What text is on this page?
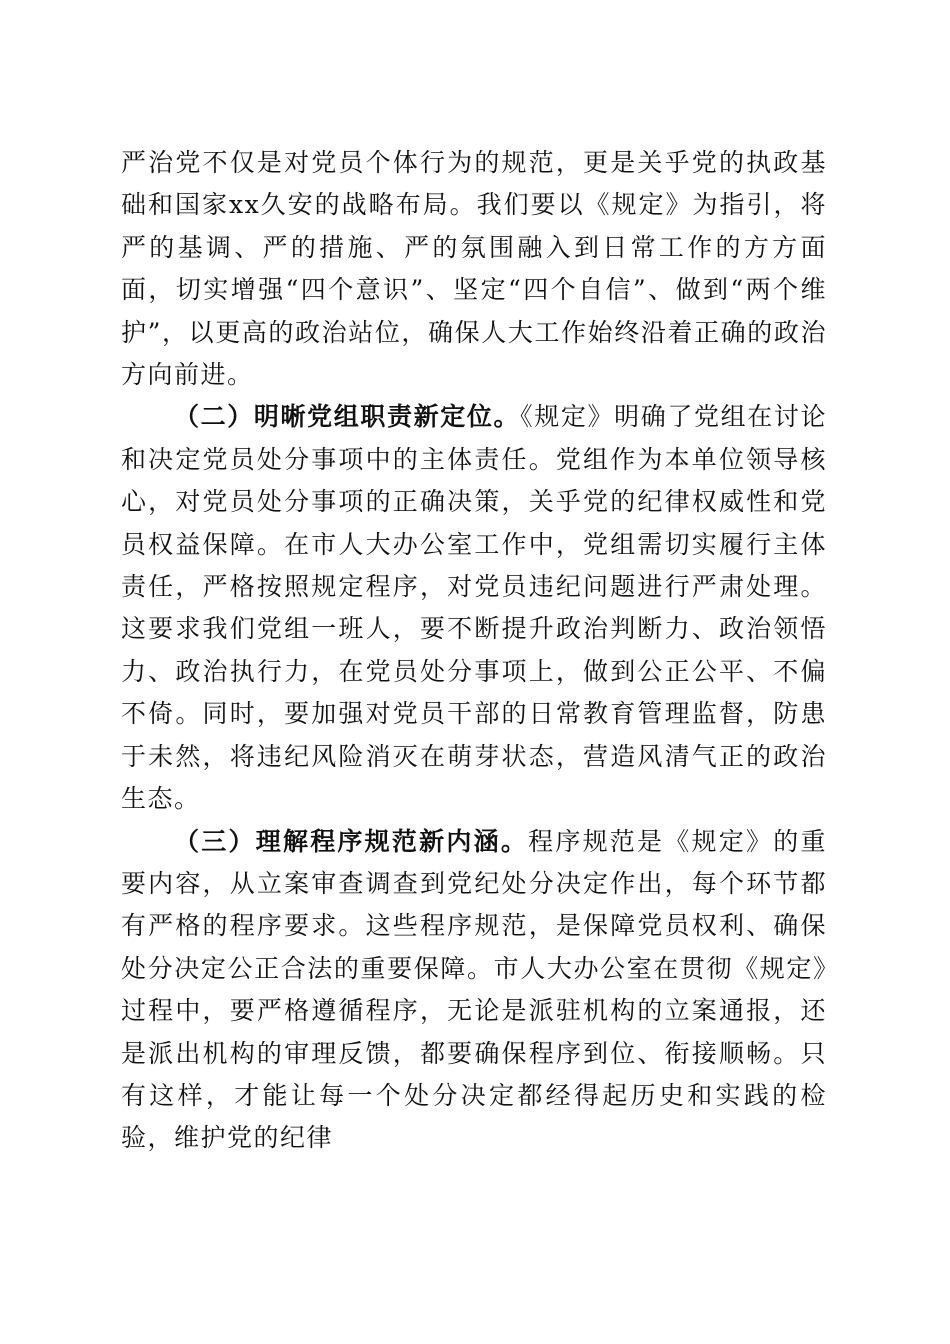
严治党不仅是对党员个体行为的规范，更是关乎党的执政基础和国家xx久安的战略布局。我们要以《规定》为指引，将严的基调、严的措施、严的氛围融入到日常工作的方方面面，切实增强“四个意识”、坚定“四个自信”、做到“两个维护”，以更高的政治站位，确保人大工作始终沿着正确的政治方向前进。

（二）明晰党组职责新定位。《规定》明确了党组在讨论和决定党员处分事项中的主体责任。党组作为本单位领导核心，对党员处分事项的正确决策，关乎党的纪律权威性和党员权益保障。在市人大办公室工作中，党组需切实履行主体责任，严格按照规定程序，对党员违纪问题进行严肃处理。这要求我们党组一班人，要不断提升政治判断力、政治领悟力、政治执行力，在党员处分事项上，做到公正公平、不偏不倚。同时，要加强对党员干部的日常教育管理监督，防患于未然，将违纪风险消灭在萌芽状态，营造风清气正的政治生态。

（三）理解程序规范新内涵。程序规范是《规定》的重要内容，从立案审查调查到党纪处分决定作出，每个环节都有严格的程序要求。这些程序规范，是保障党员权利、确保处分决定公正合法的重要保障。市人大办公室在贯彻《规定》过程中，要严格遵循程序，无论是派驻机构的立案通报，还是派出机构的审理反馈，都要确保程序到位、衔接顺畅。只有这样，才能让每一个处分决定都经得起历史和实践的检验，维护党的纪律
